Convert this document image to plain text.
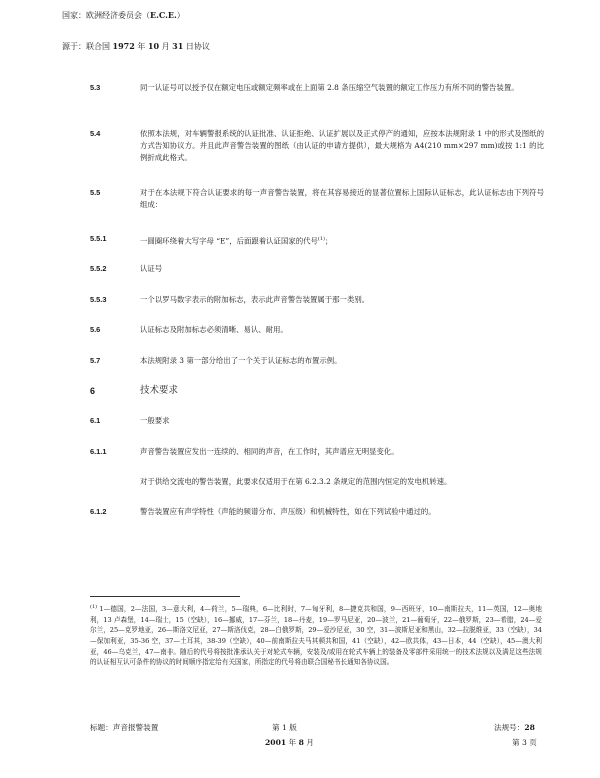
国家：欧洲经济委员会（E.C.E.）
源于：联合国 1972 年 10 月 31 日协议
5.3	同一认证号可以授予仅在额定电压或额定频率或在上面第 2.8 条压缩空气装置的额定工作压力有所不同的警告装置。
5.4	依照本法规，对车辆警报系统的认证批准、认证拒绝、认证扩展以及正式停产的通知，应按本法规附录 1 中的形式及图纸的方式告知协议方。并且此声音警告装置的图纸（由认证的申请方提供），最大规格为 A4(210 mm×297 mm)或按 1:1 的比例折成此格式。
5.5	对于在本法规下符合认证要求的每一声音警告装置，将在其容易接近的显著位置标上国际认证标志，此认证标志由下列符号组成：
5.5.1	一圆圈环绕着大写字母 “E”，后面跟着认证国家的代号$^{(1)}$；
5.5.2	认证号
5.5.3	一个以罗马数字表示的附加标志，表示此声音警告装置属于那一类别。
5.6	认证标志及附加标志必须清晰、易认、耐用。
5.7	本法规附录 3 第一部分给出了一个关于认证标志的布置示例。
6	技术要求
6.1	一般要求
6.1.1	声音警告装置应发出一连续的、相同的声音，在工作时，其声谱应无明显变化。
对于供给交流电的警告装置，此要求仅适用于在第 6.2.3.2 条规定的范围内恒定的发电机转速。
6.1.2	警告装置应有声学特性（声能的频谱分布、声压级）和机械特性，如在下列试验中通过的。
$^{(1)}$ 1—德国，2—法国，3—意大利，4—荷兰，5—瑞典，6—比利时，7—匈牙利，8—捷克共和国，9—西班牙，10—南斯拉夫，11—英国，12—奥地利，13 卢森堡，14—瑞士，15（空缺），16—挪威，17—芬兰，18—丹麦，19—罗马尼亚，20—波兰，21—葡萄牙，22—俄罗斯，23—希腊，24—爱尔兰，25—克罗地亚，26—斯洛文尼亚，27—斯洛伐克，28—白俄罗斯，29—爱沙尼亚，30 空，31—波斯尼亚和黑山，32—拉脱维亚，33（空缺），34—保加利亚，35-36 空，37—土耳其，38-39（空缺），40—前南斯拉夫马其顿共和国，41（空缺），42—欧共体，43—日本，44（空缺），45—澳大利亚，46—乌克兰，47—南非。随后的代号将按批准承认关于对轮式车辆，安装及/或用在轮式车辆上的装备及零部件采用统一的技术法规以及满足这些法规的认证相互认可条件的协议的时间顺序指定给有关国家，所指定的代号将由联合国秘书长通知各协议国。
标题：声音报警装置	第 1 版
2001 年 8 月
法规号：28
第 3 页
